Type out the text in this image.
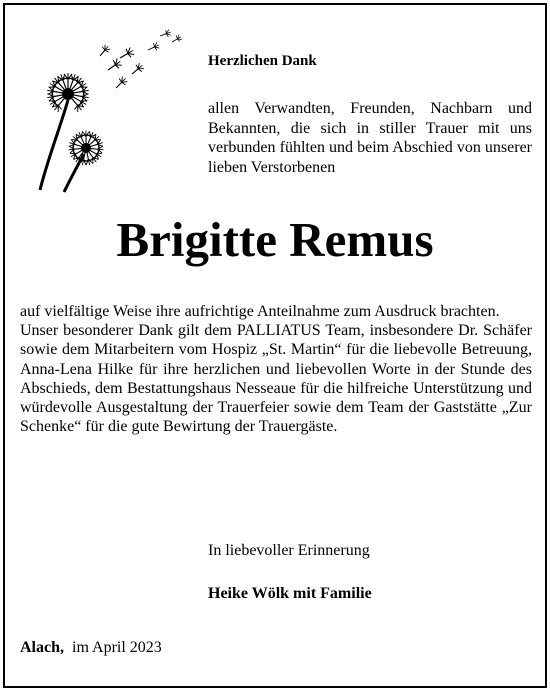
Herzlichen Dank

allen Verwandten, Freunden, Nachbarn und Bekannten, die sich in stiller Trauer mit uns verbunden fühlten und beim Abschied von unserer lieben Verstorbenen

Brigitte Remus

auf vielfältige Weise ihre aufrichtige Anteilnahme zum Ausdruck brachten.

Unser besonderer Dank gilt dem PALLIATUS Team, insbesondere Dr. Schäfer sowie dem Mitarbeitern vom Hospiz „St. Martin“ für die liebevolle Betreuung, Anna-Lena Hilke für ihre herzlichen und liebevollen Worte in der Stunde des Abschieds, dem Bestattungshaus Nesseaue für die hilfreiche Unterstützung und würdevolle Ausgestaltung der Trauerfeier sowie dem Team der Gaststätte „Zur Schenke“ für die gute Bewirtung der Trauergäste.

In liebevoller Erinnerung

Heike Wölk mit Familie

Alach, im April 2023
